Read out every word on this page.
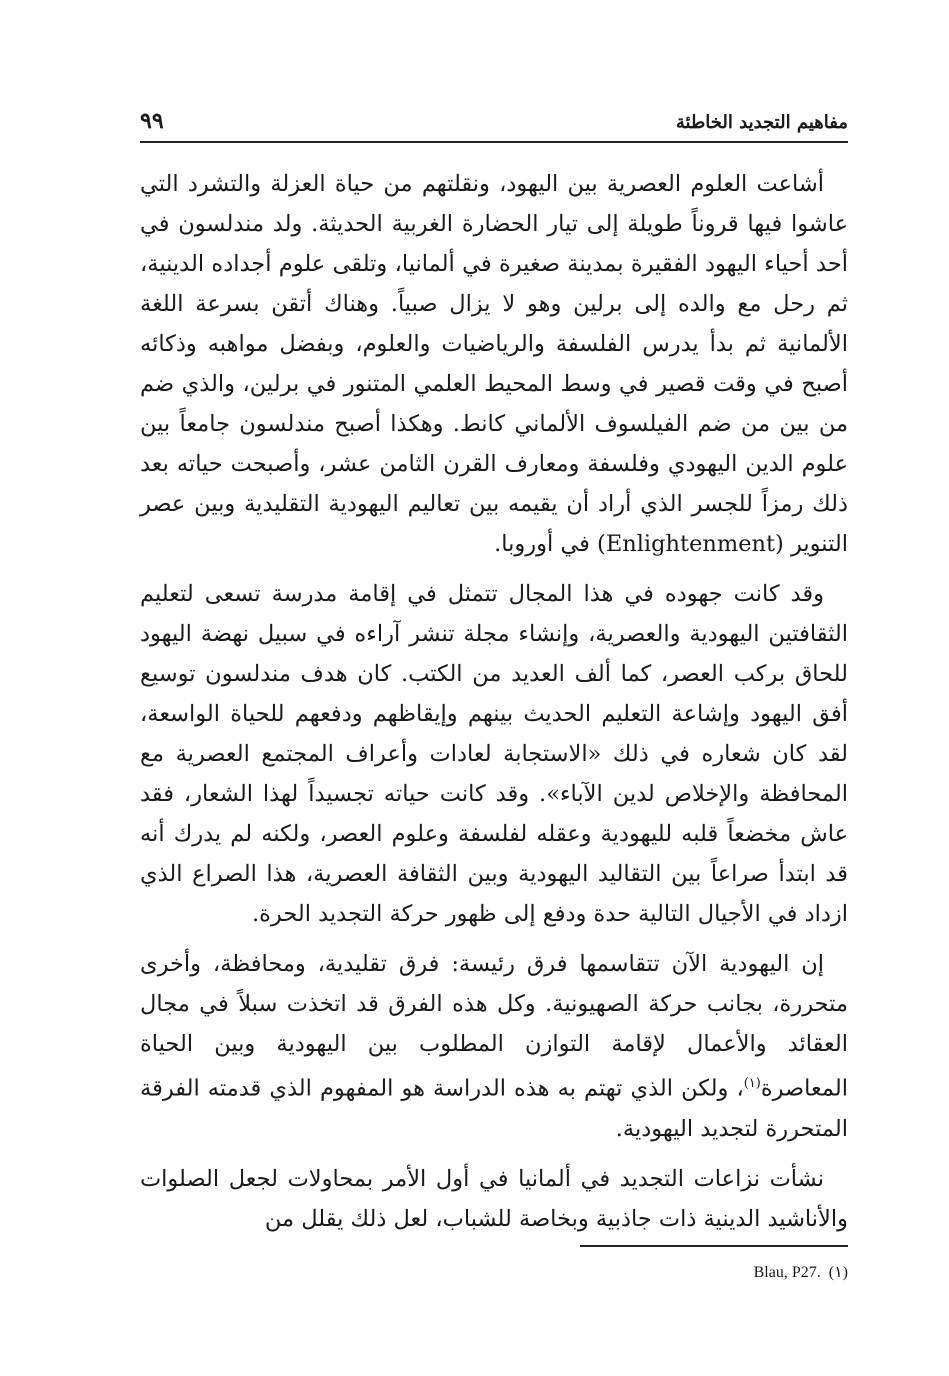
مفاهيم التجديد الخاطئة
٩٩

أشاعت العلوم العصرية بين اليهود، ونقلتهم من حياة العزلة والتشرد التي عاشوا فيها قروناً طويلة إلى تيار الحضارة الغربية الحديثة. ولد مندلسون في أحد أحياء اليهود الفقيرة بمدينة صغيرة في ألمانيا، وتلقى علوم أجداده الدينية، ثم رحل مع والده إلى برلين وهو لا يزال صبياً. وهناك أتقن بسرعة اللغة الألمانية ثم بدأ يدرس الفلسفة والرياضيات والعلوم، وبفضل مواهبه وذكائه أصبح في وقت قصير في وسط المحيط العلمي المتنور في برلين، والذي ضم من بين من ضم الفيلسوف الألماني كانط. وهكذا أصبح مندلسون جامعاً بين علوم الدين اليهودي وفلسفة ومعارف القرن الثامن عشر، وأصبحت حياته بعد ذلك رمزاً للجسر الذي أراد أن يقيمه بين تعاليم اليهودية التقليدية وبين عصر التنوير (Enlightenment) في أوروبا.

وقد كانت جهوده في هذا المجال تتمثل في إقامة مدرسة تسعى لتعليم الثقافتين اليهودية والعصرية، وإنشاء مجلة تنشر آراءه في سبيل نهضة اليهود للحاق بركب العصر، كما ألف العديد من الكتب. كان هدف مندلسون توسيع أفق اليهود وإشاعة التعليم الحديث بينهم وإيقاظهم ودفعهم للحياة الواسعة، لقد كان شعاره في ذلك «الاستجابة لعادات وأعراف المجتمع العصرية مع المحافظة والإخلاص لدين الآباء». وقد كانت حياته تجسيداً لهذا الشعار، فقد عاش مخضعاً قلبه لليهودية وعقله لفلسفة وعلوم العصر، ولكنه لم يدرك أنه قد ابتدأ صراعاً بين التقاليد اليهودية وبين الثقافة العصرية، هذا الصراع الذي ازداد في الأجيال التالية حدة ودفع إلى ظهور حركة التجديد الحرة.

إن اليهودية الآن تتقاسمها فرق رئيسة: فرق تقليدية، ومحافظة، وأخرى متحررة، بجانب حركة الصهيونية. وكل هذه الفرق قد اتخذت سبلاً في مجال العقائد والأعمال لإقامة التوازن المطلوب بين اليهودية وبين الحياة المعاصرة$^{(١)}$، ولكن الذي تهتم به هذه الدراسة هو المفهوم الذي قدمته الفرقة المتحررة لتجديد اليهودية.

نشأت نزاعات التجديد في ألمانيا في أول الأمر بمحاولات لجعل الصلوات والأناشيد الدينية ذات جاذبية وبخاصة للشباب، لعل ذلك يقلل من

Blau, P27. (١)
